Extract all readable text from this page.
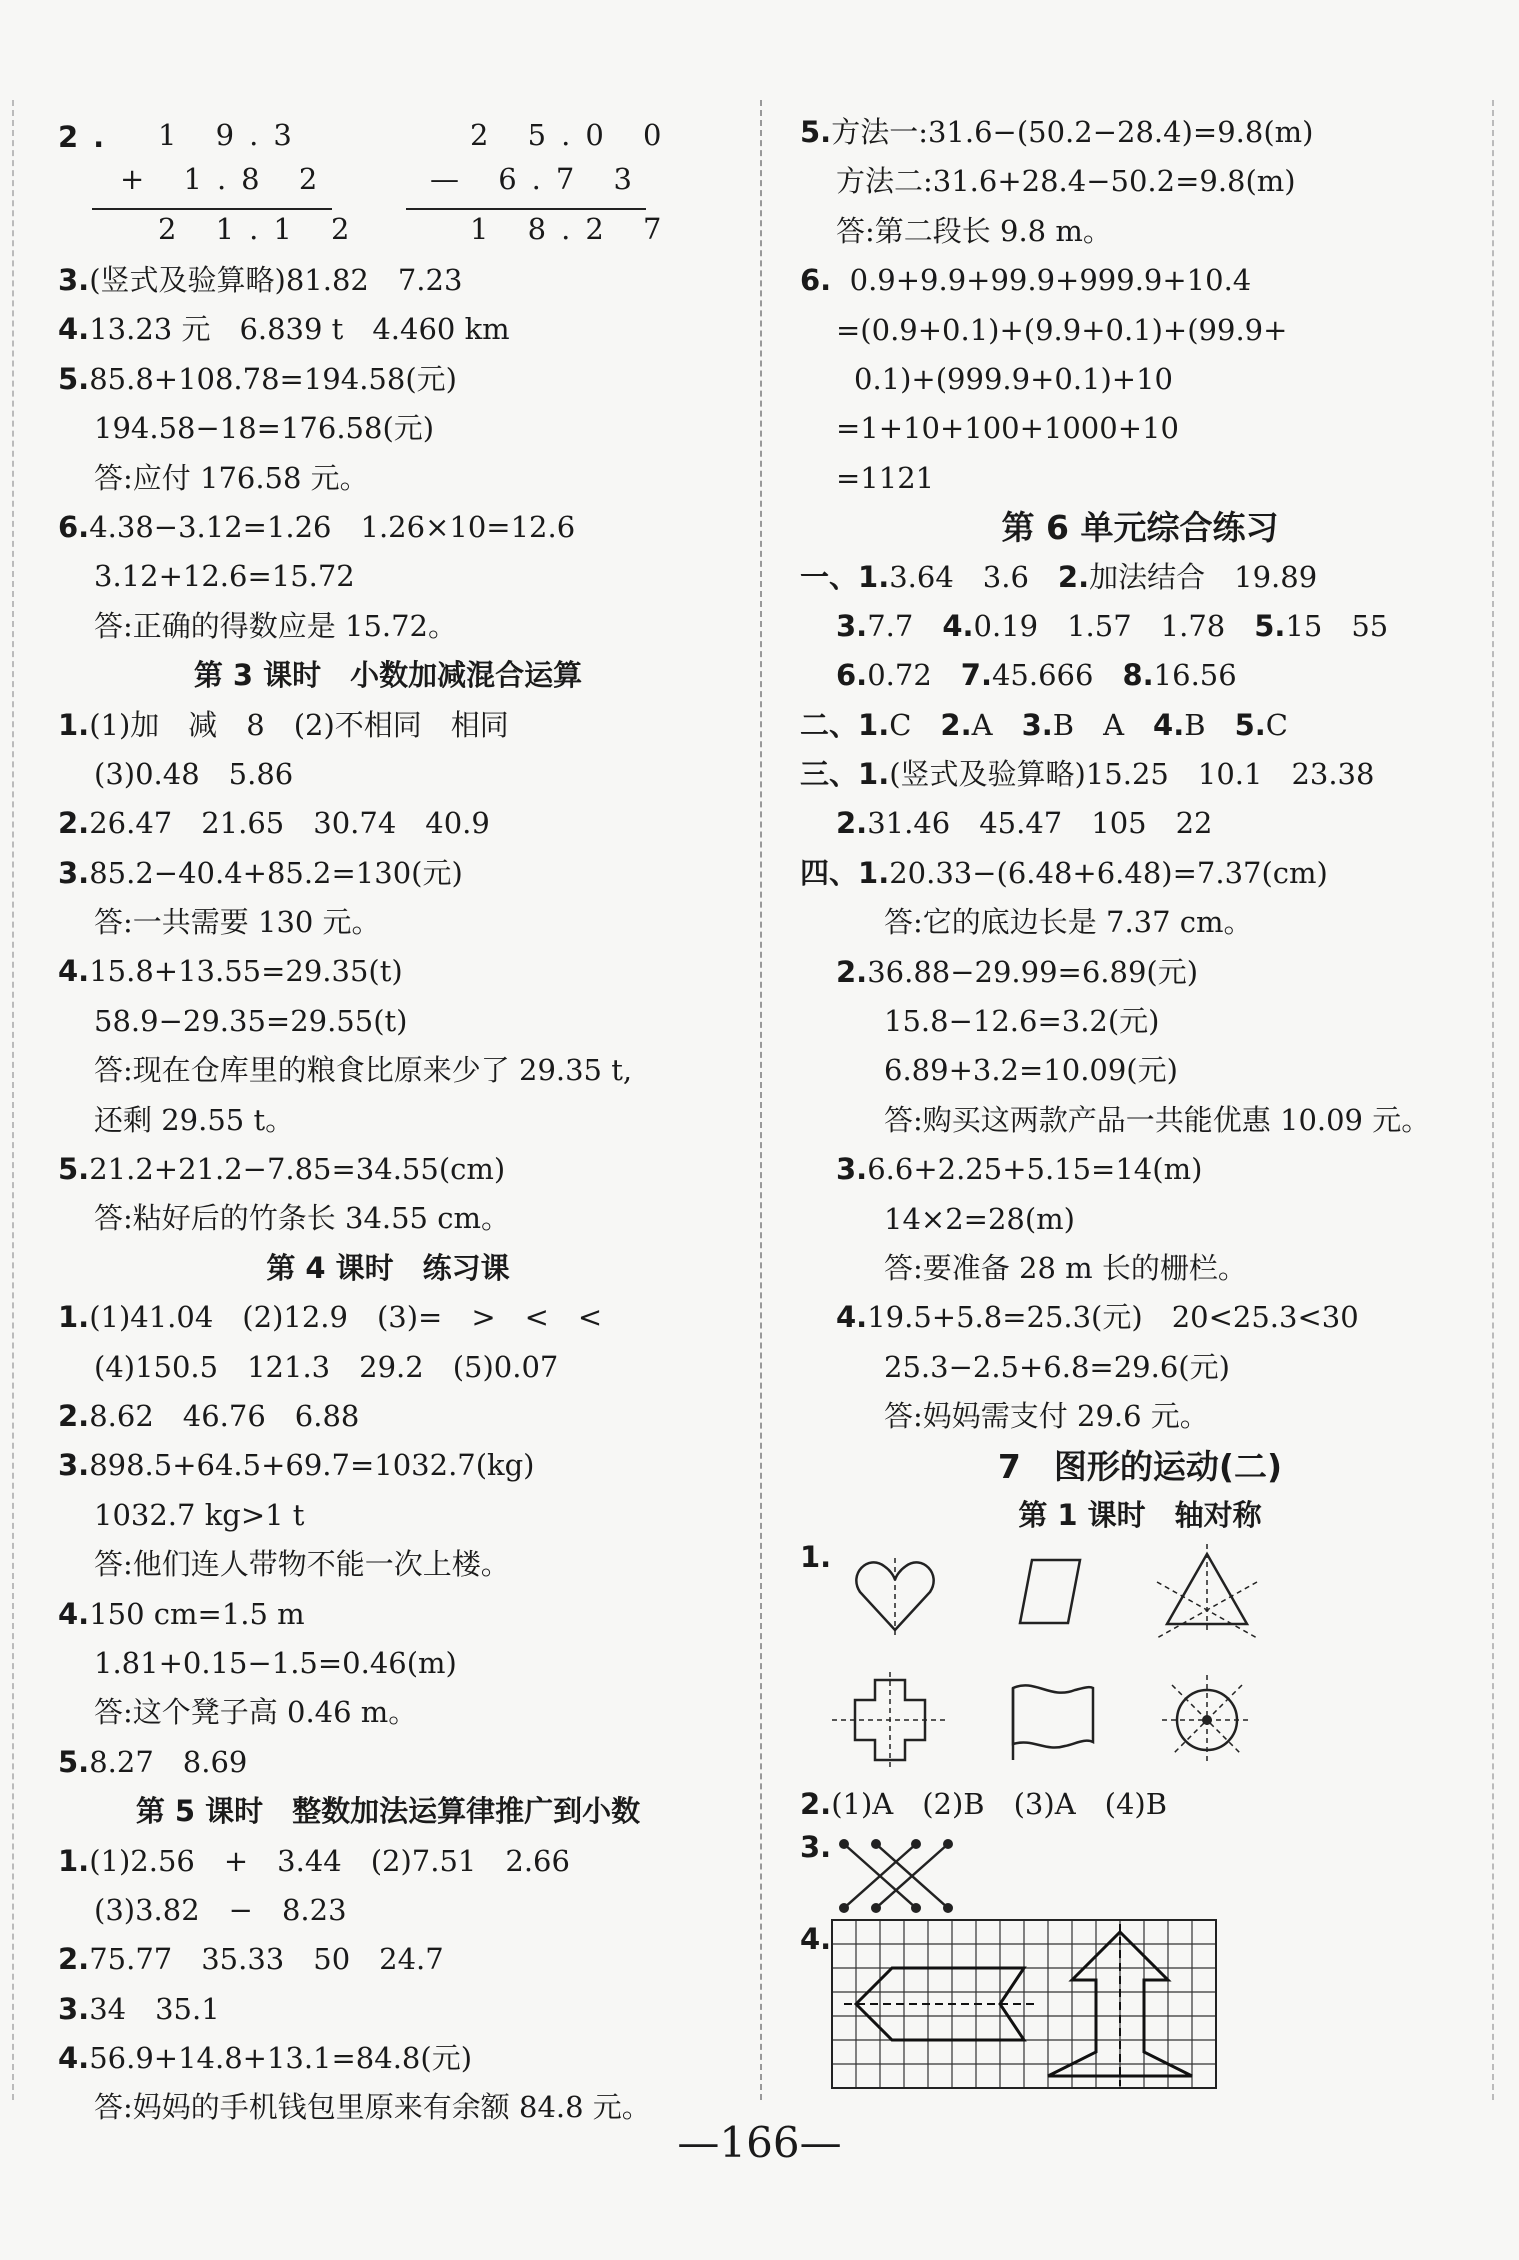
2. 1 9.3
+ 1.8 2
2 1.1 2
2 5.0 0
— 6.7 3
1 8.2 7
3.(竖式及验算略)81.82　7.23
4.13.23 元　6.839 t　4.460 km
5.85.8+108.78=194.58(元)
194.58−18=176.58(元)
答:应付 176.58 元。
6.4.38−3.12=1.26　1.26×10=12.6
3.12+12.6=15.72
答:正确的得数应是 15.72。
第 3 课时　小数加减混合运算
1.(1)加　减　8　(2)不相同　相同
(3)0.48　5.86
2.26.47　21.65　30.74　40.9
3.85.2−40.4+85.2=130(元)
答:一共需要 130 元。
4.15.8+13.55=29.35(t)
58.9−29.35=29.55(t)
答:现在仓库里的粮食比原来少了 29.35 t,
还剩 29.55 t。
5.21.2+21.2−7.85=34.55(cm)
答:粘好后的竹条长 34.55 cm。
第 4 课时　练习课
1.(1)41.04　(2)12.9　(3)=　>　<　<
(4)150.5　121.3　29.2　(5)0.07
2.8.62　46.76　6.88
3.898.5+64.5+69.7=1032.7(kg)
1032.7 kg>1 t
答:他们连人带物不能一次上楼。
4.150 cm=1.5 m
1.81+0.15−1.5=0.46(m)
答:这个凳子高 0.46 m。
5.8.27　8.69
第 5 课时　整数加法运算律推广到小数
1.(1)2.56　+　3.44　(2)7.51　2.66
(3)3.82　−　8.23
2.75.77　35.33　50　24.7
3.34　35.1
4.56.9+14.8+13.1=84.8(元)
答:妈妈的手机钱包里原来有余额 84.8 元。
5.方法一:31.6−(50.2−28.4)=9.8(m)
方法二:31.6+28.4−50.2=9.8(m)
答:第二段长 9.8 m。
6. 0.9+9.9+99.9+999.9+10.4
=(0.9+0.1)+(9.9+0.1)+(99.9+
0.1)+(999.9+0.1)+10
=1+10+100+1000+10
=1121
第 6 单元综合练习
一、1.3.64　3.6　2.加法结合　19.89
3.7.7　4.0.19　1.57　1.78　5.15　55
6.0.72　7.45.666　8.16.56
二、1.C　2.A　3.B　A　4.B　5.C
三、1.(竖式及验算略)15.25　10.1　23.38
2.31.46　45.47　105　22
四、1.20.33−(6.48+6.48)=7.37(cm)
答:它的底边长是 7.37 cm。
2.36.88−29.99=6.89(元)
15.8−12.6=3.2(元)
6.89+3.2=10.09(元)
答:购买这两款产品一共能优惠 10.09 元。
3.6.6+2.25+5.15=14(m)
14×2=28(m)
答:要准备 28 m 长的栅栏。
4.19.5+5.8=25.3(元)　20<25.3<30
25.3−2.5+6.8=29.6(元)
答:妈妈需支付 29.6 元。
7　图形的运动(二)
第 1 课时　轴对称
1.
2.(1)A　(2)B　(3)A　(4)B
3.
4.
—166—
